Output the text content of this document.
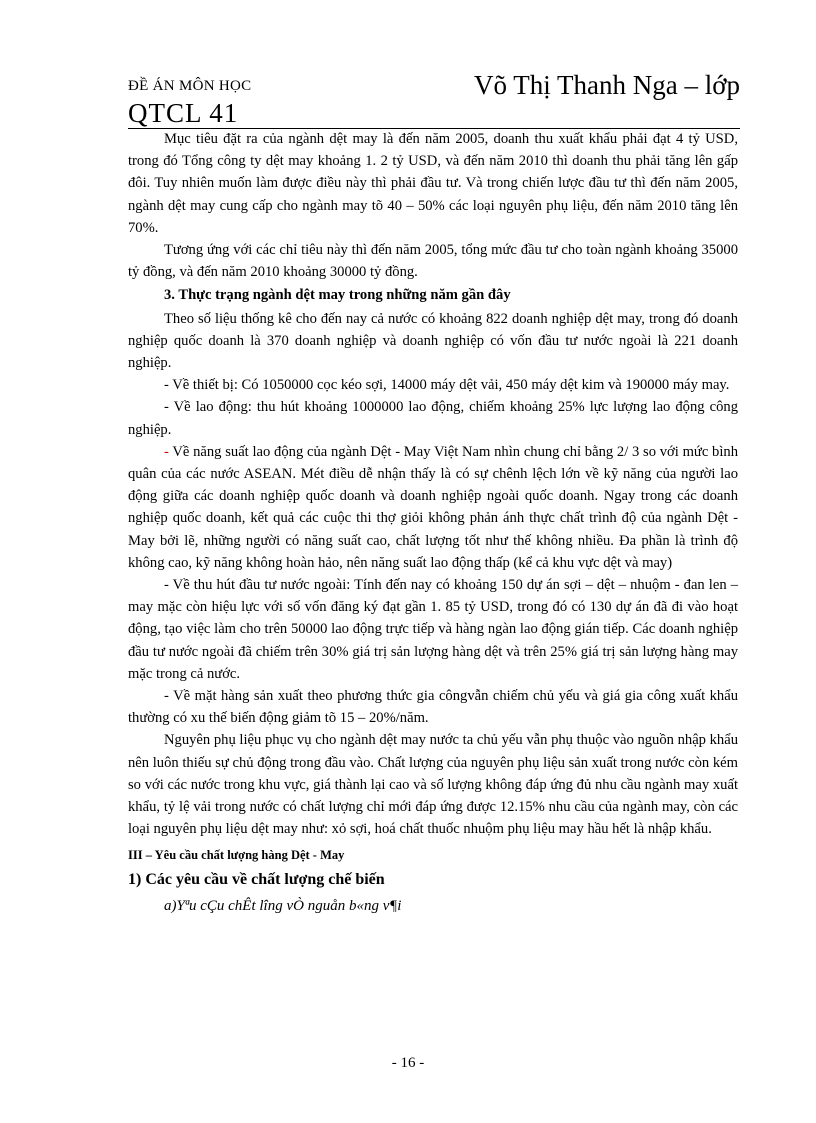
ĐỀ ÁN MÔN HỌC	Võ Thị Thanh Nga – lớp
QTCL 41

Mục tiêu đặt ra của ngành dệt may là đến năm 2005, doanh thu xuất khẩu phải đạt 4 tỷ USD, trong đó Tổng công ty dệt may khoảng 1. 2 tỷ USD, và đến năm 2010 thì doanh thu phải tăng lên gấp đôi. Tuy nhiên muốn làm được điều này thì phải đầu tư. Và trong chiến lược đầu tư thì đến năm 2005, ngành dệt may cung cấp cho ngành may tõ 40 – 50% các loại nguyên phụ liệu, đến năm 2010 tăng lên 70%.

Tương ứng với các chỉ tiêu này thì đến năm 2005, tổng mức đầu tư cho toàn ngành khoảng 35000 tỷ đồng, và đến năm 2010 khoảng 30000 tỷ đồng.

3. Thực trạng ngành dệt may trong những năm gần đây

Theo số liệu thống kê cho đến nay cả nước có khoảng 822 doanh nghiệp dệt may, trong đó doanh nghiệp quốc doanh là 370 doanh nghiệp và doanh nghiệp có vốn đầu tư nước ngoài là 221 doanh nghiệp.

- Về thiết bị: Có 1050000 cọc kéo sợi, 14000 máy dệt vải, 450 máy dệt kim và 190000 máy may.

- Về lao động: thu hút khoảng 1000000 lao động, chiếm khoảng 25% lực lượng lao động công nghiệp.

- Về năng suất lao động của ngành Dệt - May Việt Nam nhìn chung chỉ bằng 2/ 3 so với mức bình quân của các nước ASEAN. Mét điều dễ nhận thấy là có sự chênh lệch lớn về kỹ năng của người lao động giữa các doanh nghiệp quốc doanh và doanh nghiệp ngoài quốc doanh. Ngay trong các doanh nghiệp quốc doanh, kết quả các cuộc thi thợ giỏi không phản ánh thực chất trình độ của ngành Dệt - May bởi lẽ, những người có năng suất cao, chất lượng tốt như thế không nhiều. Đa phần là trình độ không cao, kỹ năng không hoàn hảo, nên năng suất lao động thấp (kể cả khu vực dệt và may)

- Về thu hút đầu tư nước ngoài: Tính đến nay có khoảng 150 dự án sợi – dệt – nhuộm - đan len – may mặc còn hiệu lực với số vốn đăng ký đạt gần 1. 85 tỷ USD, trong đó có 130 dự án đã đi vào hoạt động, tạo việc làm cho trên 50000 lao động trực tiếp và hàng ngàn lao động gián tiếp. Các doanh nghiệp đầu tư nước ngoài đã chiếm trên 30% giá trị sản lượng hàng dệt và trên 25% giá trị sản lượng hàng may mặc trong cả nước.

- Về mặt hàng sản xuất theo phương thức gia côngvẫn chiếm chủ yếu và giá gia công xuất khẩu thường có xu thế biến động giảm tõ 15 – 20%/năm.

Nguyên phụ liệu phục vụ cho ngành dệt may nước ta chủ yếu vẫn phụ thuộc vào nguồn nhập khẩu nên luôn thiếu sự chủ động trong đầu vào. Chất lượng của nguyên phụ liệu sản xuất trong nước còn kém so với các nước trong khu vực, giá thành lại cao và số lượng không đáp ứng đủ nhu cầu ngành may xuất khẩu, tỷ lệ vải trong nước có chất lượng chỉ mới đáp ứng được 12.15% nhu cầu của ngành may, còn các loại nguyên phụ liệu dệt may như: xỏ sợi, hoá chất thuốc nhuộm phụ liệu may hầu hết là nhập khẩu.

III – Yêu cầu chất lượng hàng Dệt - May

1) Các yêu cầu về chất lượng chế biến

a)Yªu cÇu chÊt lîng vÒ nguån b«ng v¶i

- 16 -
